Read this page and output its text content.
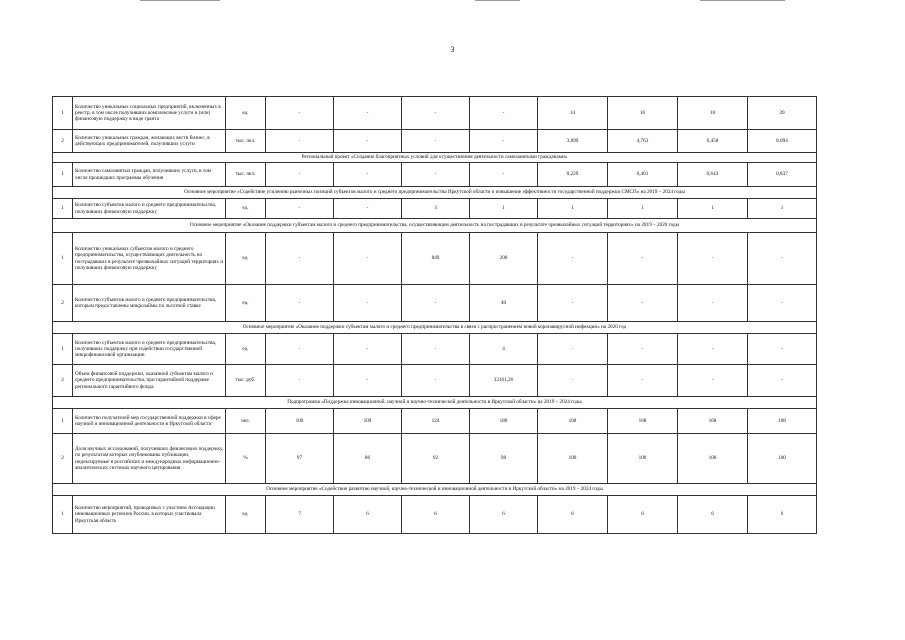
3
1	Количество уникальных социальных предприятий, включенных в реестр, в том числе получивших комплексные услуги и (или) финансовую поддержку в виде гранта	ед.	-	-	-	-	14	16	18	20
2	Количество уникальных граждан, желающих вести бизнес, в действующих предпринимателей, получивших услуги	тыс. чел.	-	-	-	-	3,899	4,763	6,458	8,094
Региональный проект «Создание благоприятных условий для осуществления деятельности самозанятыми гражданами»										
1	Количество самозанятых граждан, получивших услуги, в том числе прошедших программы обучения	тыс. чел.	-	-	-	-	0,229	0,401	0,643	0,837
Основное мероприятие «Содействие усилению рыночных позиций субъектов малого и среднего предпринимательства Иркутской области и повышение эффективности государственной поддержки СМСП» на 2019 – 2024 годы										
1	Количество субъектов малого и среднего предпринимательства, получивших финансовую поддержку	ед.	-	-	3	1	1	1	1	1
Основное мероприятие «Оказание поддержки субъектам малого и среднего предпринимательства, осуществляющим деятельность на пострадавших в результате чрезвычайных ситуаций территориях» на 2019 – 2020 годы										
1	Количество уникальных субъектов малого и среднего предпринимательства, осуществляющих деятельность на пострадавших в результате чрезвычайных ситуаций территориях и получивших финансовую поддержку	ед.	-	-	849	200	-	-	-	-
2	Количество субъектов малого и среднего предпринимательства, которым предоставлены микрозаймы по льготной ставке	ед.	-	-	-	40	-	-	-	-
Основное мероприятие «Оказание поддержки субъектам малого и среднего предпринимательства в связи с распространением новой коронавирусной инфекции» на 2020 год										
1	Количество субъектов малого и среднего предпринимательства, получивших поддержку при содействии государственной микрофинансовой организации	ед.	-	-	-	4	-	-	-	-
2	Объем финансовой поддержки, оказанной субъектам малого и среднего предпринимательства, при гарантийной поддержке регионального гарантийного фонда	тыс. руб.	-	-	-	33161,26	-	-	-	-
Подпрограмма «Поддержка инновационной, научной и научно-технической деятельности в Иркутской области» на 2019 – 2024 годы										
1	Количество получателей мер государственной поддержки в сфере научной и инновационной деятельности в Иркутской области	чел.	100	109	124	180	168	168	168	168
2	Доля научных исследований, получивших финансовую поддержку, по результатам которых опубликованы публикации, индексируемые в российских и международных информационно-аналитических системах научного цитирования	%	97	86	92	98	100	100	100	100
Основное мероприятие «Содействие развитию научной, научно-технической и инновационной деятельности в Иркутской области» на 2019 – 2024 годы										
1	Количество мероприятий, проводимых с участием Ассоциации инновационных регионов России, в которых участвовала Иркутская область	ед.	7	6	6	6	6	6	6	6
